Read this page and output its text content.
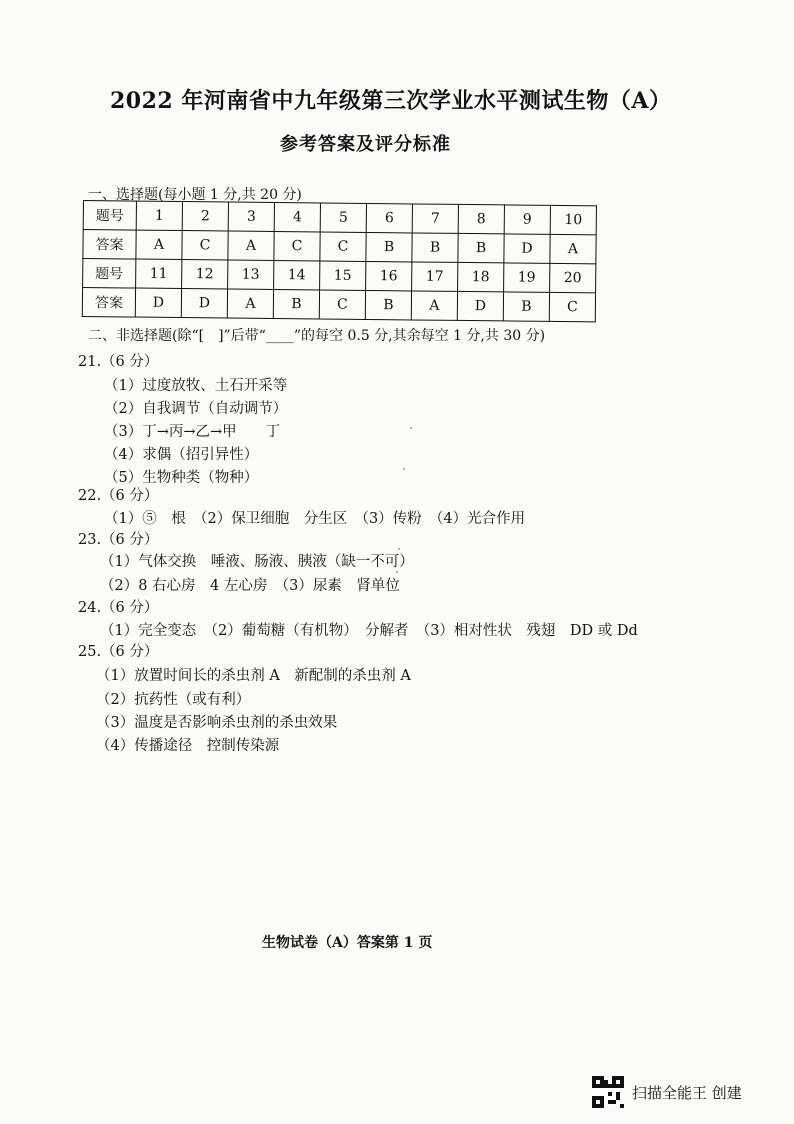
2022 年河南省中九年级第三次学业水平测试生物（A）
参考答案及评分标准
一、选择题(每小题 1 分,共 20 分)
题号	1	2	3	4	5	6	7	8	9	10
答案	A	C	A	C	C	B	B	B	D	A
题号	11	12	13	14	15	16	17	18	19	20
答案	D	D	A	B	C	B	A	D	B	C
二、非选择题(除“[　]”后带“____”的每空 0.5 分,其余每空 1 分,共 30 分)
21.（6 分）
（1）过度放牧、土石开采等
（2）自我调节（自动调节）
（3）丁→丙→乙→甲　　丁
（4）求偶（招引异性）
（5）生物种类（物种）
22.（6 分）
（1）⑤　根　（2）保卫细胞　分生区　（3）传粉　（4）光合作用
23.（6 分）
（1）气体交换　唾液、肠液、胰液（缺一不可）
（2）8 右心房　4 左心房　（3）尿素　肾单位
24.（6 分）
（1）完全变态　（2）葡萄糖（有机物）　分解者　（3）相对性状　残翅　DD 或 Dd
25.（6 分）
（1）放置时间长的杀虫剂 A　新配制的杀虫剂 A
（2）抗药性（或有利）
（3）温度是否影响杀虫剂的杀虫效果
（4）传播途径　控制传染源
生物试卷（A）答案第 1 页
扫描全能王 创建
